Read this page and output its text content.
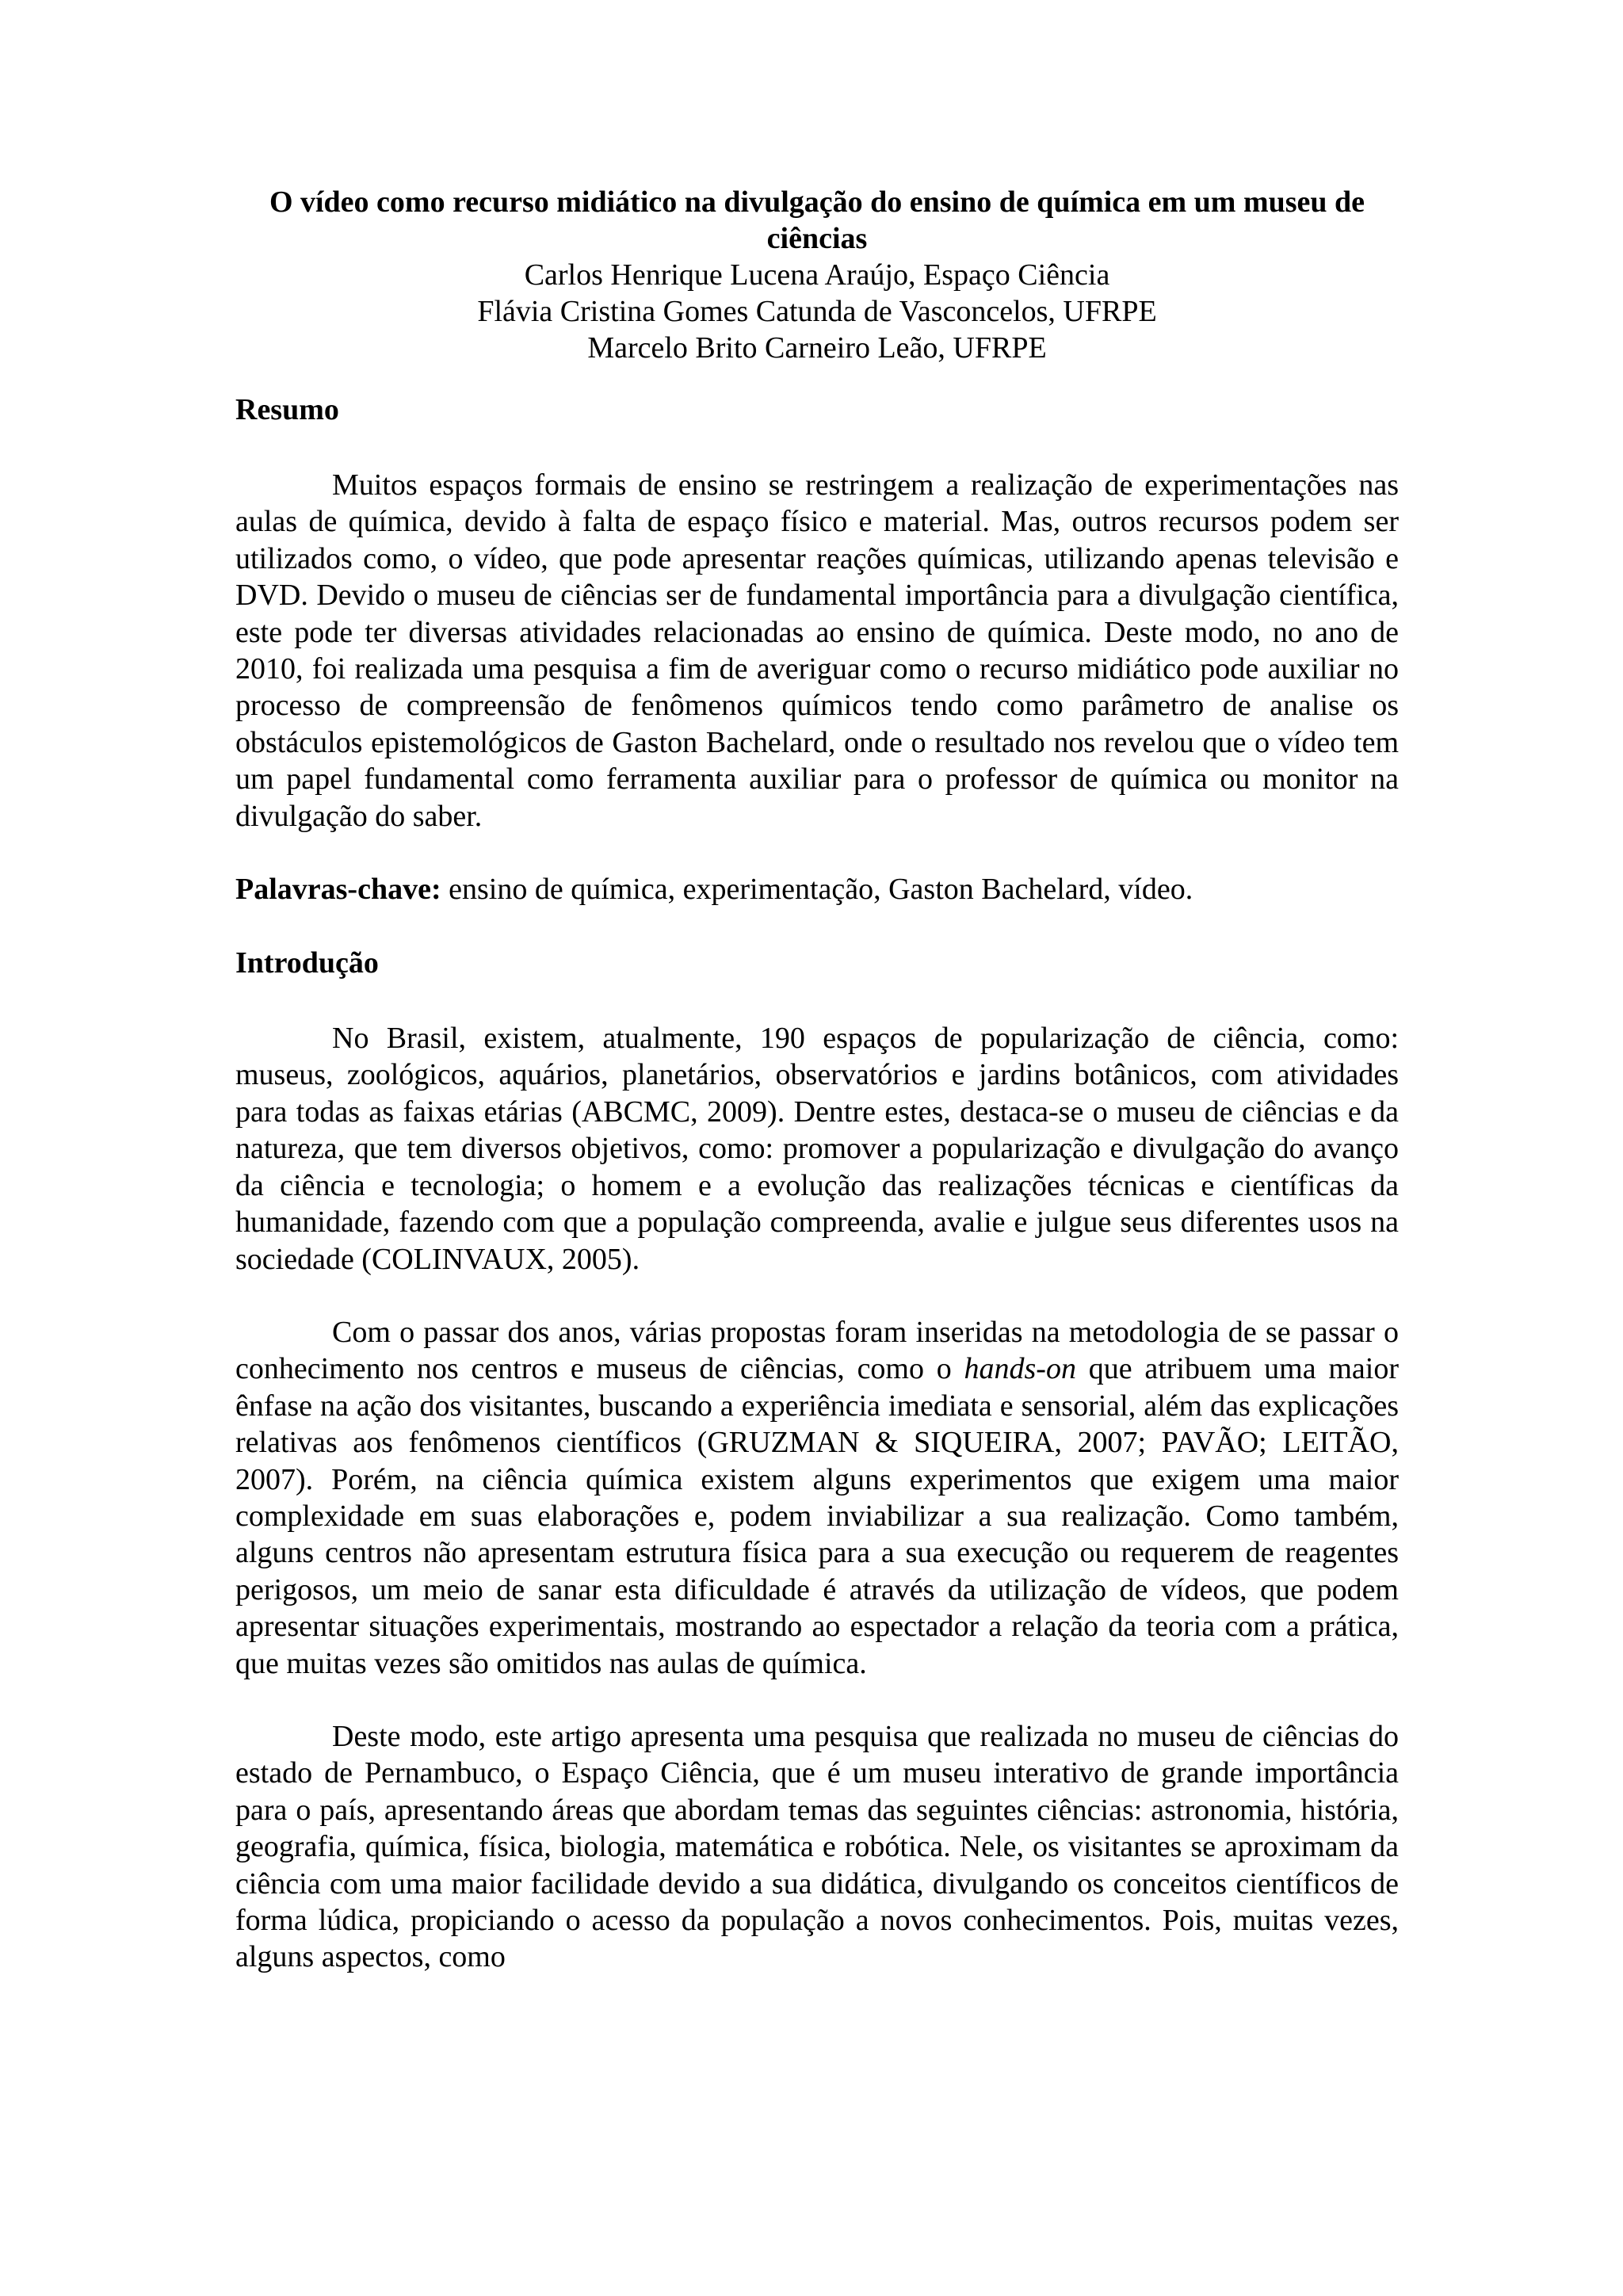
O vídeo como recurso midiático na divulgação do ensino de química em um museu de ciências

Carlos Henrique Lucena Araújo, Espaço Ciência

Flávia Cristina Gomes Catunda de Vasconcelos, UFRPE

Marcelo Brito Carneiro Leão, UFRPE

Resumo

Muitos espaços formais de ensino se restringem a realização de experimentações nas aulas de química, devido à falta de espaço físico e material. Mas, outros recursos podem ser utilizados como, o vídeo, que pode apresentar reações químicas, utilizando apenas televisão e DVD. Devido o museu de ciências ser de fundamental importância para a divulgação científica, este pode ter diversas atividades relacionadas ao ensino de química. Deste modo, no ano de 2010, foi realizada uma pesquisa a fim de averiguar como o recurso midiático pode auxiliar no processo de compreensão de fenômenos químicos tendo como parâmetro de analise os obstáculos epistemológicos de Gaston Bachelard, onde o resultado nos revelou que o vídeo tem um papel fundamental como ferramenta auxiliar para o professor de química ou monitor na divulgação do saber.

Palavras-chave: ensino de química, experimentação, Gaston Bachelard, vídeo.

Introdução

No Brasil, existem, atualmente, 190 espaços de popularização de ciência, como: museus, zoológicos, aquários, planetários, observatórios e jardins botânicos, com atividades para todas as faixas etárias (ABCMC, 2009). Dentre estes, destaca-se o museu de ciências e da natureza, que tem diversos objetivos, como: promover a popularização e divulgação do avanço da ciência e tecnologia; o homem e a evolução das realizações técnicas e científicas da humanidade, fazendo com que a população compreenda, avalie e julgue seus diferentes usos na sociedade (COLINVAUX, 2005).

Com o passar dos anos, várias propostas foram inseridas na metodologia de se passar o conhecimento nos centros e museus de ciências, como o hands-on que atribuem uma maior ênfase na ação dos visitantes, buscando a experiência imediata e sensorial, além das explicações relativas aos fenômenos científicos (GRUZMAN & SIQUEIRA, 2007; PAVÃO; LEITÃO, 2007). Porém, na ciência química existem alguns experimentos que exigem uma maior complexidade em suas elaborações e, podem inviabilizar a sua realização. Como também, alguns centros não apresentam estrutura física para a sua execução ou requerem de reagentes perigosos, um meio de sanar esta dificuldade é através da utilização de vídeos, que podem apresentar situações experimentais, mostrando ao espectador a relação da teoria com a prática, que muitas vezes são omitidos nas aulas de química.

Deste modo, este artigo apresenta uma pesquisa que realizada no museu de ciências do estado de Pernambuco, o Espaço Ciência, que é um museu interativo de grande importância para o país, apresentando áreas que abordam temas das seguintes ciências: astronomia, história, geografia, química, física, biologia, matemática e robótica. Nele, os visitantes se aproximam da ciência com uma maior facilidade devido a sua didática, divulgando os conceitos científicos de forma lúdica, propiciando o acesso da população a novos conhecimentos. Pois, muitas vezes, alguns aspectos, como
